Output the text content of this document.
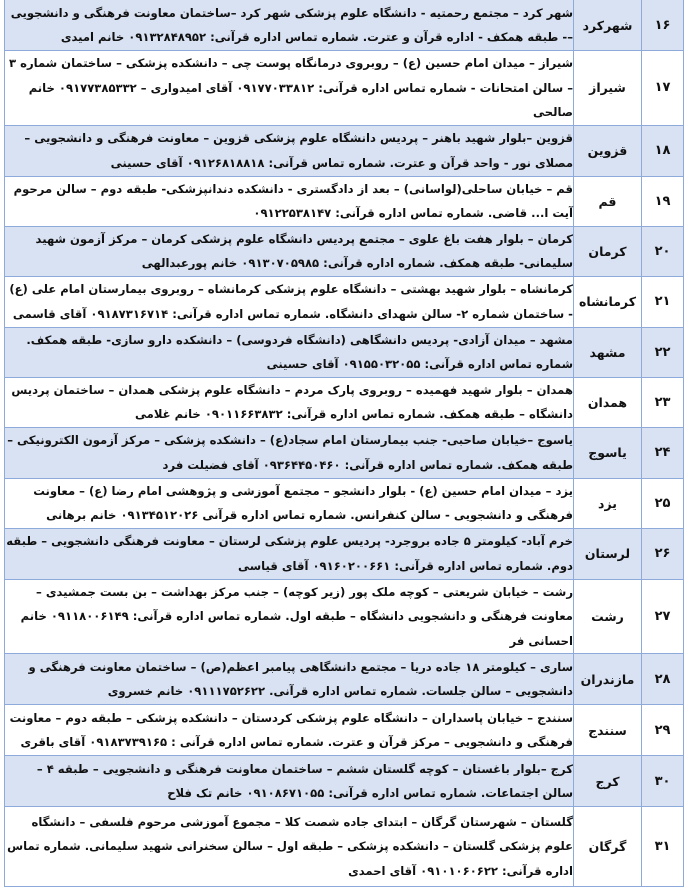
۱۶	شهرکرد	شهر کرد – مجتمع رحمتیه - دانشگاه علوم پزشکی شهر کرد –ساختمان معاونت فرهنگی و دانشجویی –- طبقه همکف - اداره قرآن و عترت. شماره تماس اداره قرآنی: ۰۹۱۳۲۸۴۸۹۵۲ خانم امیدی
۱۷	شیراز	شیراز – میدان امام حسین (ع) – روبروی درمانگاه پوست چی – دانشکده پزشکی – ساختمان شماره ۳ – سالن امتحانات - شماره تماس اداره قرآنی: ۰۹۱۷۷۰۳۳۸۱۲ آقای امیدواری – ۰۹۱۷۷۳۸۵۳۳۲ خانم صالحی
۱۸	قزوین	قزوین –بلوار شهید باهنر – پردیس دانشگاه علوم پزشکی قزوین – معاونت فرهنگی و دانشجویی – مصلای نور - واحد قرآن و عترت. شماره تماس قرآنی: ۰۹۱۲۶۸۱۸۸۱۸ آقای حسینی
۱۹	قم	قم – خیابان ساحلی(لواسانی) – بعد از دادگستری - دانشکده دندانپزشکی- طبقه دوم – سالن مرحوم آیت ا... قاضی. شماره تماس اداره قرآنی: ۰۹۱۲۲۵۳۸۱۴۷
۲۰	کرمان	کرمان – بلوار هفت باغ علوی – مجتمع پردیس دانشگاه علوم پزشکی کرمان – مرکز آزمون شهید سلیمانی- طبقه همکف. شماره اداره قرآنی: ۰۹۱۳۰۷۰۵۹۸۵ خانم پورعبدالهی
۲۱	کرمانشاه	کرمانشاه – بلوار شهید بهشتی – دانشگاه علوم پزشکی کرمانشاه – روبروی بیمارستان امام علی (ع) - ساختمان شماره ۲- سالن شهدای دانشگاه. شماره تماس اداره قرآنی: ۰۹۱۸۷۳۱۶۷۱۴ آقای قاسمی
۲۲	مشهد	مشهد – میدان آزادی- پردیس دانشگاهی (دانشگاه فردوسی) – دانشکده دارو سازی- طبقه همکف. شماره تماس اداره قرآنی: ۰۹۱۵۵۰۳۲۰۵۵ آقای حسینی
۲۳	همدان	همدان – بلوار شهید فهمیده – روبروی پارک مردم – دانشگاه علوم پزشکی همدان – ساختمان پردیس دانشگاه – طبقه همکف. شماره تماس اداره قرآنی: ۰۹۰۱۱۶۶۳۸۳۲ خانم غلامی
۲۴	یاسوج	یاسوج –خیابان صاحبی- جنب بیمارستان امام سجاد(ع) – دانشکده پزشکی – مرکز آزمون الکترونیکی – طبقه همکف. شماره تماس اداره قرآنی: ۰۹۳۶۴۴۵۰۴۶۰ آقای فضیلت فرد
۲۵	یزد	یزد – میدان امام حسین (ع) - بلوار دانشجو – مجتمع آموزشی و پژوهشی امام رضا (ع) – معاونت فرهنگی و دانشجویی - سالن کنفرانس. شماره تماس اداره قرآنی ۰۹۱۳۴۵۱۲۰۲۶ خانم برهانی
۲۶	لرستان	خرم آباد- کیلومتر ۵ جاده بروجرد- پردیس علوم پزشکی لرستان – معاونت فرهنگی دانشجویی – طبقه دوم. شماره تماس اداره قرآنی: ۰۹۱۶۰۲۰۰۶۶۱ آقای قیاسی
۲۷	رشت	رشت – خیابان شریعتی – کوچه ملک پور (زیر کوچه) – جنب مرکز بهداشت – بن بست جمشیدی – معاونت فرهنگی و دانشجویی دانشگاه – طبقه اول. شماره تماس اداره قرآنی: ۰۹۱۱۸۰۰۶۱۴۹ خانم احسانی فر
۲۸	مازندران	ساری – کیلومتر ۱۸ جاده دریا – مجتمع دانشگاهی پیامبر اعظم(ص) – ساختمان معاونت فرهنگی و دانشجویی – سالن جلسات. شماره تماس اداره قرآنی. ۰۹۱۱۱۷۵۲۶۲۲ خانم خسروی
۲۹	سنندج	سنندج – خیابان پاسداران – دانشگاه علوم پزشکی کردستان – دانشکده پزشکی – طبقه دوم – معاونت فرهنگی و دانشجویی – مرکز قرآن و عترت. شماره تماس اداره قرآنی : ۰۹۱۸۳۷۳۹۱۶۵ آقای باقری
۳۰	کرج	کرج –بلوار باغستان – کوچه گلستان ششم – ساختمان معاونت فرهنگی و دانشجویی – طبقه ۴ – سالن اجتماعات. شماره تماس اداره قرآنی: ۰۹۱۰۸۶۷۱۰۵۵ خانم تک فلاح
۳۱	گرگان	گلستان – شهرستان گرگان – ابتدای جاده شصت کلا – مجموع آموزشی مرحوم فلسفی – دانشگاه علوم پزشکی گلستان – دانشکده پزشکی – طبقه اول – سالن سخنرانی شهید سلیمانی. شماره تماس اداره قرآنی: ۰۹۱۰۱۰۶۰۶۲۲ آقای احمدی
